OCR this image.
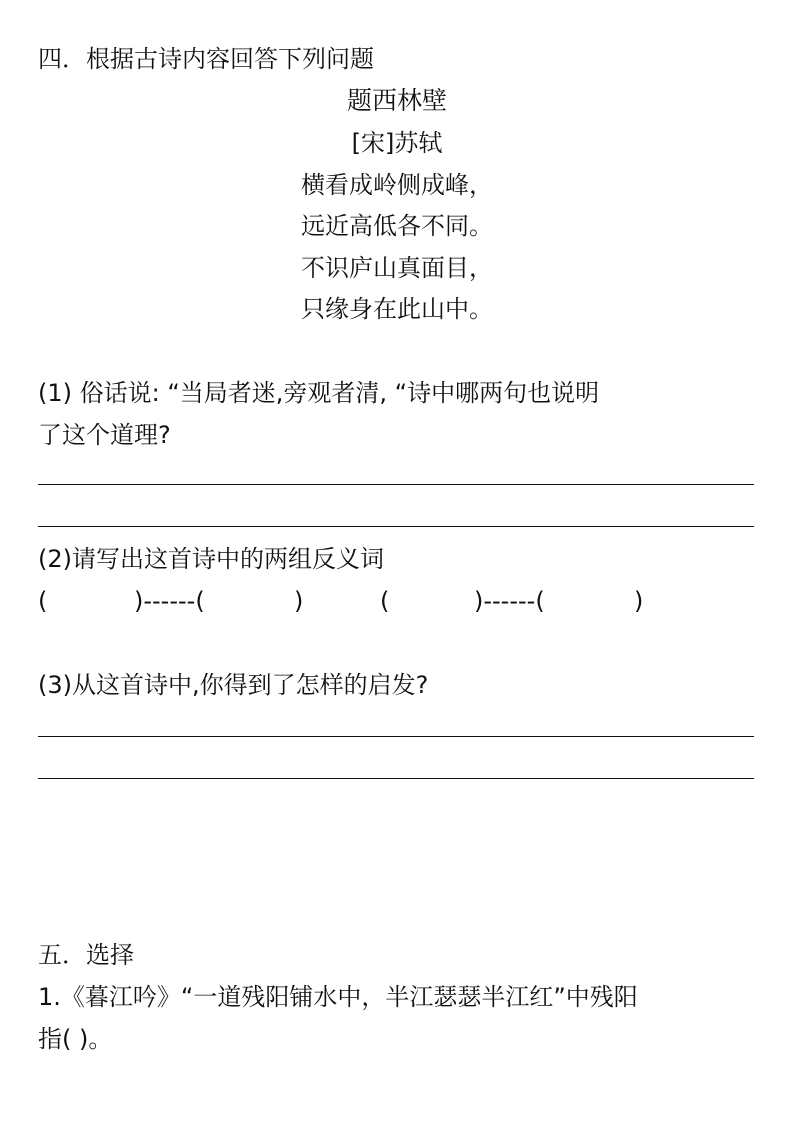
四．根据古诗内容回答下列问题
题西林壁
[宋]苏轼
横看成岭侧成峰，
远近高低各不同。
不识庐山真面目，
只缘身在此山中。
(1) 俗话说: “当局者迷,旁观者清, “诗中哪两句也说明
了这个道理?
(2)请写出这首诗中的两组反义词
(	)------(	)	(	)------(	)
(3)从这首诗中,你得到了怎样的启发?
五．选择
1.《暮江吟》“一道残阳铺水中，半江瑟瑟半江红”中残阳
指( )。
